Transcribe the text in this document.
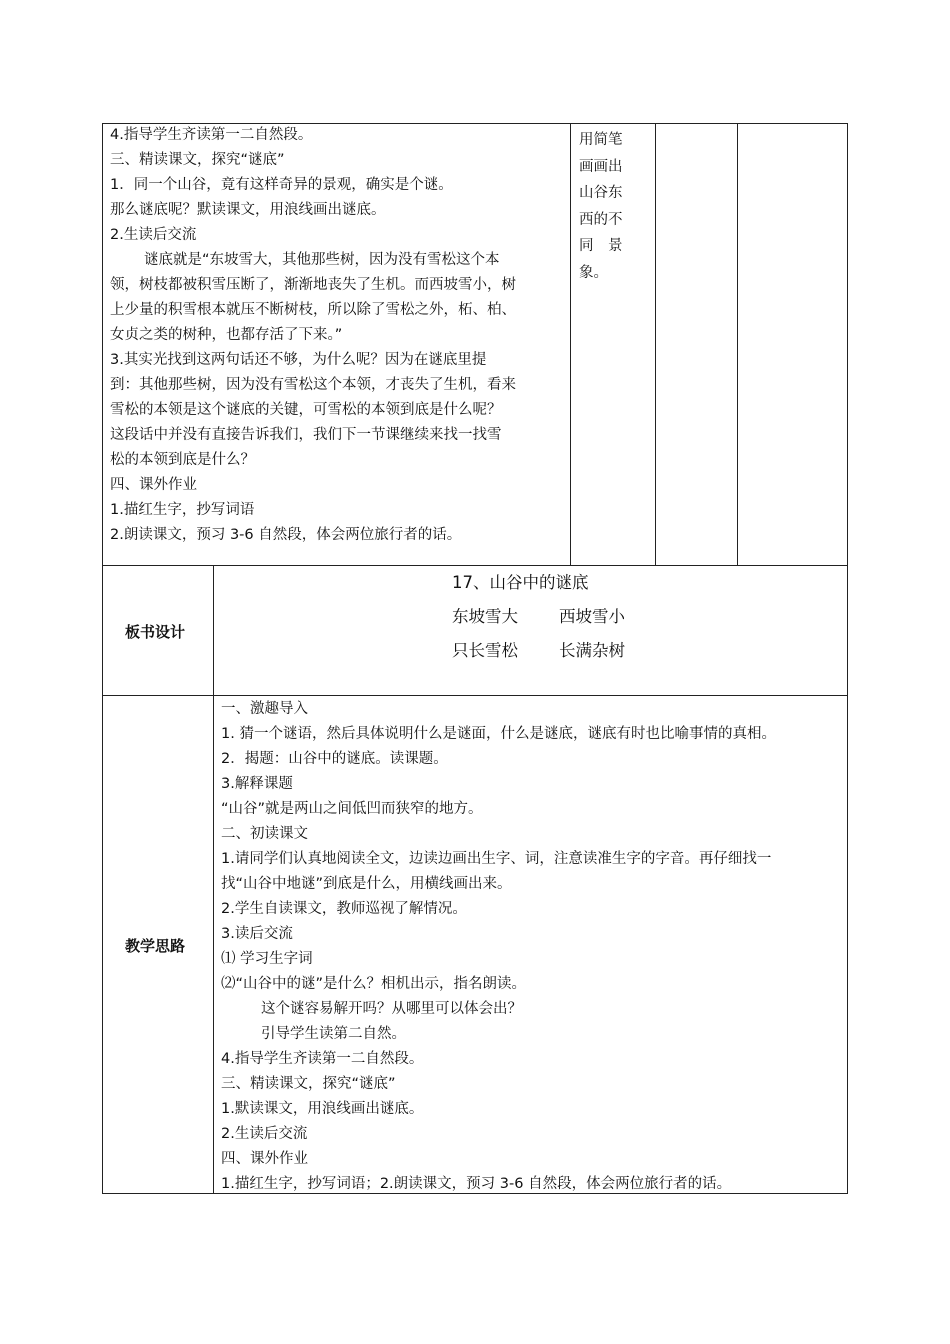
4.指导学生齐读第一二自然段。
三、精读课文，探究“谜底”
1．同一个山谷，竟有这样奇异的景观，确实是个谜。
那么谜底呢？默读课文，用浪线画出谜底。
2.生读后交流
谜底就是“东坡雪大，其他那些树，因为没有雪松这个本
领，树枝都被积雪压断了，渐渐地丧失了生机。而西坡雪小，树
上少量的积雪根本就压不断树枝，所以除了雪松之外，柘、柏、
女贞之类的树种，也都存活了下来。”
3.其实光找到这两句话还不够，为什么呢？因为在谜底里提
到：其他那些树，因为没有雪松这个本领，才丧失了生机，看来
雪松的本领是这个谜底的关键，可雪松的本领到底是什么呢？
这段话中并没有直接告诉我们，我们下一节课继续来找一找雪
松的本领到底是什么？
四、课外作业
1.描红生字，抄写词语
2.朗读课文，预习 3-6 自然段，体会两位旅行者的话。
用简笔
画画出
山谷东
西的不
同　景
象。
板书设计
17、山谷中的谜底
东坡雪大 西坡雪小
只长雪松 长满杂树
教学思路
一、激趣导入
1. 猜一个谜语，然后具体说明什么是谜面，什么是谜底，谜底有时也比喻事情的真相。
2．揭题：山谷中的谜底。读课题。
3.解释课题
“山谷”就是两山之间低凹而狭窄的地方。
二、初读课文
1.请同学们认真地阅读全文，边读边画出生字、词，注意读准生字的字音。再仔细找一
找“山谷中地谜”到底是什么，用横线画出来。
2.学生自读课文，教师巡视了解情况。
3.读后交流
⑴ 学习生字词
⑵“山谷中的谜”是什么？相机出示，指名朗读。
这个谜容易解开吗？从哪里可以体会出？
引导学生读第二自然。
4.指导学生齐读第一二自然段。
三、精读课文，探究“谜底”
1.默读课文，用浪线画出谜底。
2.生读后交流
四、课外作业
1.描红生字，抄写词语；2.朗读课文，预习 3-6 自然段，体会两位旅行者的话。
